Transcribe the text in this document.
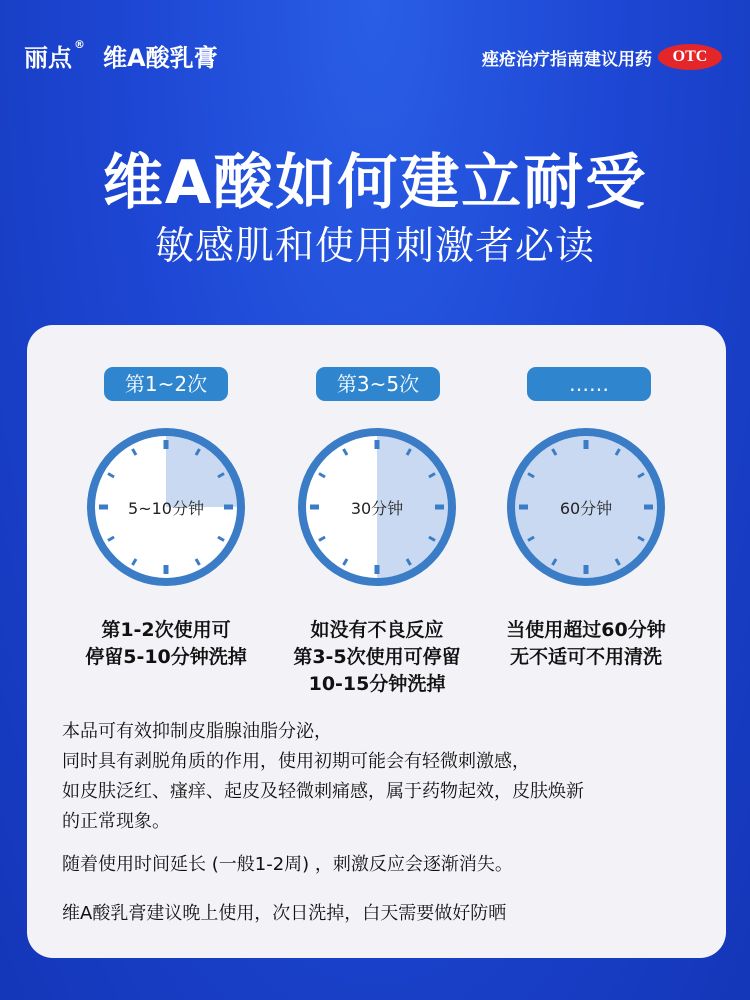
丽点 ® 维A酸乳膏	痤疮治疗指南建议用药	OTC
维A酸如何建立耐受
敏感肌和使用刺激者必读
第1~2次
5~10分钟
第1-2次使用可
停留5-10分钟洗掉
第3~5次
30分钟
如没有不良反应
第3-5次使用可停留
10-15分钟洗掉
……
60分钟
当使用超过60分钟
无不适可不用清洗
本品可有效抑制皮脂腺油脂分泌，
同时具有剥脱角质的作用，使用初期可能会有轻微刺激感，
如皮肤泛红、瘙痒、起皮及轻微刺痛感，属于药物起效，皮肤焕新
的正常现象。
随着使用时间延长 (一般1-2周) ，刺激反应会逐渐消失。
维A酸乳膏建议晚上使用，次日洗掉，白天需要做好防晒
